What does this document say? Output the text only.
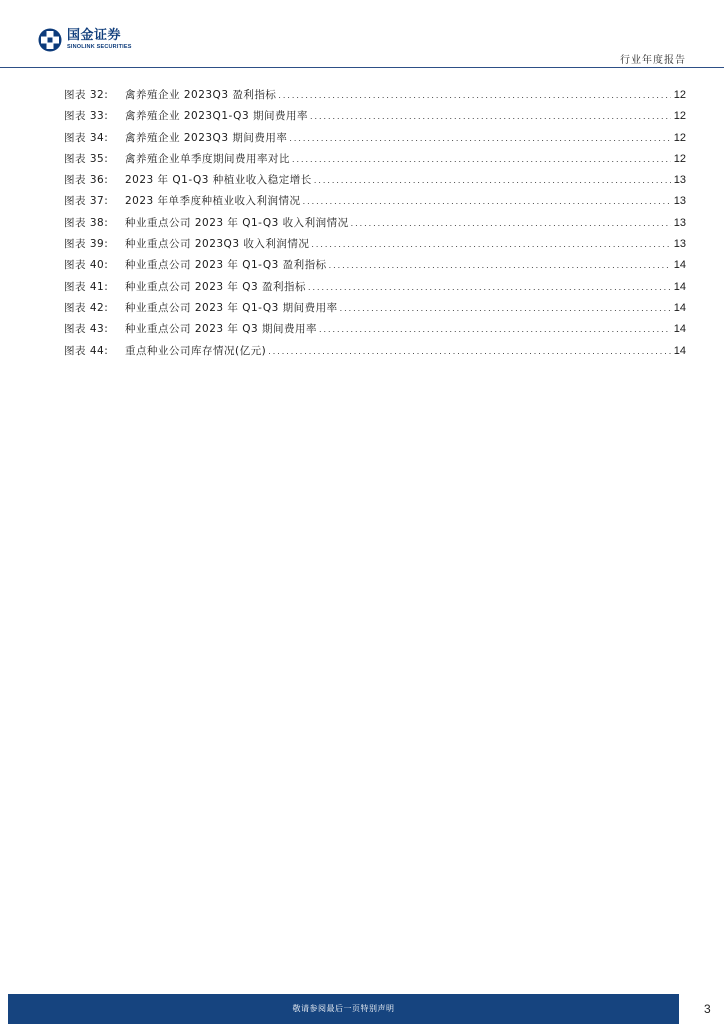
国金证券
SINOLINK SECURITIES
行业年度报告
图表 32:	禽养殖企业 2023Q3 盈利指标 .....	12
图表 33:	禽养殖企业 2023Q1-Q3 期间费用率 .....	12
图表 34:	禽养殖企业 2023Q3 期间费用率 .....	12
图表 35:	禽养殖企业单季度期间费用率对比 .....	12
图表 36:	2023 年 Q1-Q3 种植业收入稳定增长 .....	13
图表 37:	2023 年单季度种植业收入利润情况 .....	13
图表 38:	种业重点公司 2023 年 Q1-Q3 收入利润情况 .....	13
图表 39:	种业重点公司 2023Q3 收入利润情况 .....	13
图表 40:	种业重点公司 2023 年 Q1-Q3 盈利指标 .....	14
图表 41:	种业重点公司 2023 年 Q3 盈利指标 .....	14
图表 42:	种业重点公司 2023 年 Q1-Q3 期间费用率 .....	14
图表 43:	种业重点公司 2023 年 Q3 期间费用率 .....	14
图表 44:	重点种业公司库存情况(亿元) .....	14
敬请参阅最后一页特别声明	3
